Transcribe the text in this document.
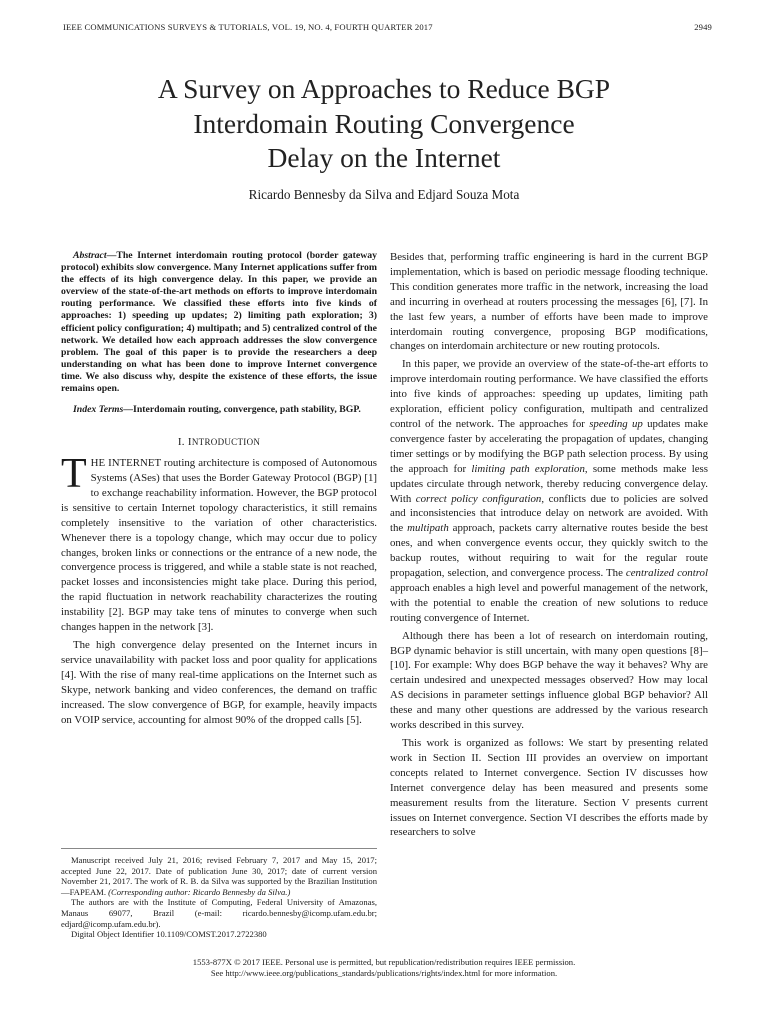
IEEE COMMUNICATIONS SURVEYS & TUTORIALS, VOL. 19, NO. 4, FOURTH QUARTER 2017	2949
A Survey on Approaches to Reduce BGP
Interdomain Routing Convergence
Delay on the Internet
Ricardo Bennesby da Silva and Edjard Souza Mota

Abstract—The Internet interdomain routing protocol (border gateway protocol) exhibits slow convergence. Many Internet applications suffer from the effects of its high convergence delay. In this paper, we provide an overview of the state-of-the-art methods on efforts to improve interdomain routing performance. We classified these efforts into five kinds of approaches: 1) speeding up updates; 2) limiting path exploration; 3) efficient policy configuration; 4) multipath; and 5) centralized control of the network. We detailed how each approach addresses the slow convergence problem. The goal of this paper is to provide the researchers a deep understanding on what has been done to improve Internet convergence time. We also discuss why, despite the existence of these efforts, the issue remains open.

Index Terms—Interdomain routing, convergence, path stability, BGP.

I. INTRODUCTION

THE INTERNET routing architecture is composed of Autonomous Systems (ASes) that uses the Border Gateway Protocol (BGP) [1] to exchange reachability information. However, the BGP protocol is sensitive to certain Internet topology characteristics, it still remains completely insensitive to the variation of other characteristics. Whenever there is a topology change, which may occur due to policy changes, broken links or connections or the entrance of a new node, the convergence process is triggered, and while a stable state is not reached, packet losses and inconsistencies might take place. During this period, the rapid fluctuation in network reachability characterizes the routing instability [2]. BGP may take tens of minutes to converge when such changes happen in the network [3].

The high convergence delay presented on the Internet incurs in service unavailability with packet loss and poor quality for applications [4]. With the rise of many real-time applications on the Internet such as Skype, network banking and video conferences, the demand on traffic increased. The slow convergence of BGP, for example, heavily impacts on VOIP service, accounting for almost 90% of the dropped calls [5].

Manuscript received July 21, 2016; revised February 7, 2017 and May 15, 2017; accepted June 22, 2017. Date of publication June 30, 2017; date of current version November 21, 2017. The work of R. B. da Silva was supported by the Brazilian Institution—FAPEAM. (Corresponding author: Ricardo Bennesby da Silva.)

The authors are with the Institute of Computing, Federal University of Amazonas, Manaus 69077, Brazil (e-mail: ricardo.bennesby@icomp.ufam.edu.br; edjard@icomp.ufam.edu.br).

Digital Object Identifier 10.1109/COMST.2017.2722380

Besides that, performing traffic engineering is hard in the current BGP implementation, which is based on periodic message flooding technique. This condition generates more traffic in the network, increasing the load and incurring in overhead at routers processing the messages [6], [7]. In the last few years, a number of efforts have been made to improve interdomain routing convergence, proposing BGP modifications, changes on interdomain architecture or new routing protocols.

In this paper, we provide an overview of the state-of-the-art efforts to improve interdomain routing performance. We have classified the efforts into five kinds of approaches: speeding up updates, limiting path exploration, efficient policy configuration, multipath and centralized control of the network. The approaches for speeding up updates make convergence faster by accelerating the propagation of updates, changing timer settings or by modifying the BGP path selection process. By using the approach for limiting path exploration, some methods make less updates circulate through network, thereby reducing convergence delay. With correct policy configuration, conflicts due to policies are solved and inconsistencies that introduce delay on network are avoided. With the multipath approach, packets carry alternative routes beside the best ones, and when convergence events occur, they quickly switch to the backup routes, without requiring to wait for the regular route propagation, selection, and convergence process. The centralized control approach enables a high level and powerful management of the network, with the potential to enable the creation of new solutions to reduce routing convergence of Internet.

Although there has been a lot of research on interdomain routing, BGP dynamic behavior is still uncertain, with many open questions [8]–[10]. For example: Why does BGP behave the way it behaves? Why are certain undesired and unexpected messages observed? How may local AS decisions in parameter settings influence global BGP behavior? All these and many other questions are addressed by the various research works described in this survey.

This work is organized as follows: We start by presenting related work in Section II. Section III provides an overview on important concepts related to Internet convergence. Section IV discusses how Internet convergence delay has been measured and presents some measurement results from the literature. Section V presents current issues on Internet convergence. Section VI describes the efforts made by researchers to solve

1553-877X © 2017 IEEE. Personal use is permitted, but republication/redistribution requires IEEE permission.
See http://www.ieee.org/publications_standards/publications/rights/index.html for more information.
